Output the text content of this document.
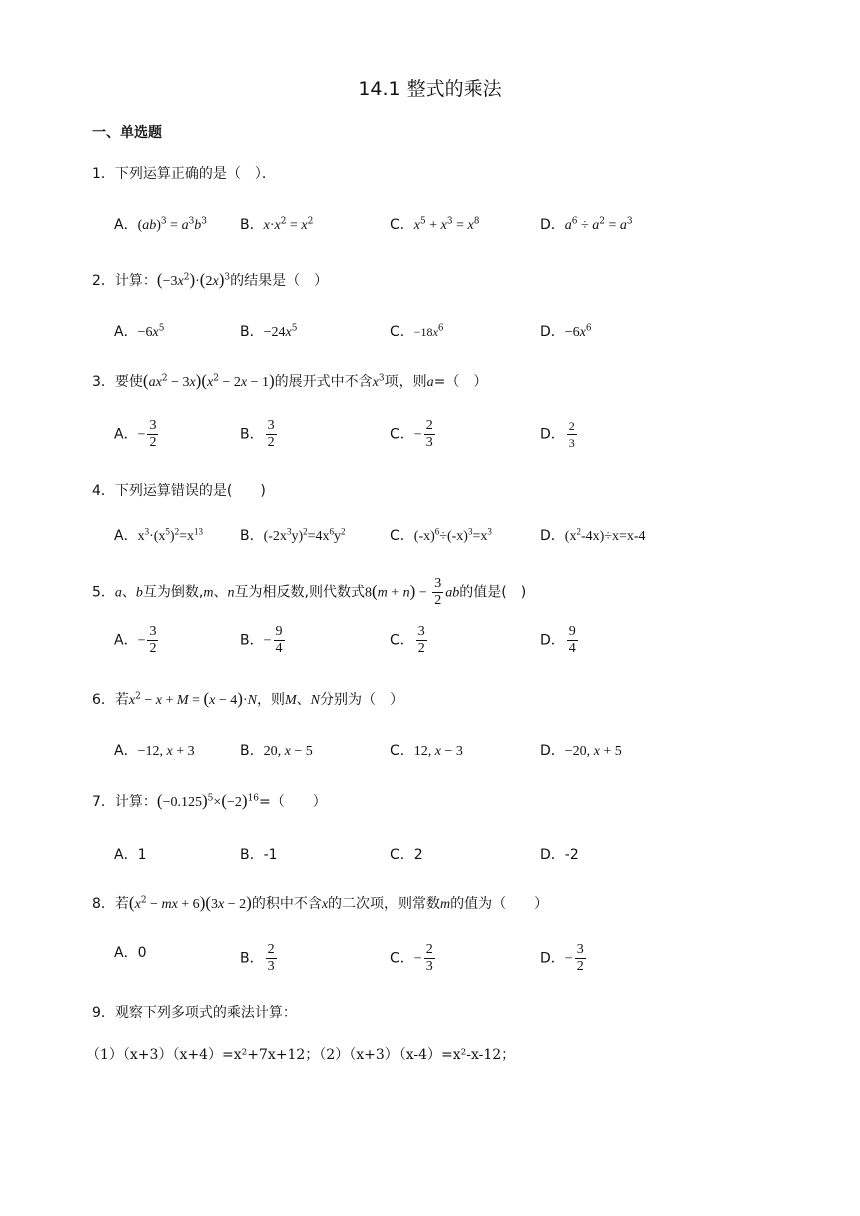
14.1 整式的乘法
一、单选题
1．下列运算正确的是（　）．
A．$(ab)^3 = a^3b^3$ B．$x\cdot x^2 = x^2$	C．$x^5 + x^3 = x^8$	D．$a^6 \div a^2 = a^3$
2．计算：$(-3x^2)\cdot(2x)^3$的结果是（　）
A．$-6x^5$	B．$-24x^5$	C．$-18x^6$	D．$-6x^6$
3．要使$(ax^2 - 3x)(x^2 - 2x - 1)$的展开式中不含$x^3$项，则a=（　）
A．− $\frac{3}{2}$	B． $\frac{3}{2}$	C．− $\frac{2}{3}$	D． $\frac{2}{3}$
4．下列运算错误的是(　　)
A．$x^3\cdot(x^5)^2=x^{13}$	B．$(-2x^3y)^2=4x^6y^2$	C．$(-x)^6\div(-x)^3=x^3$	D．$(x^2-4x)\div x=x-4$
5．a、b互为倒数,m、n互为相反数,则代数式$8(m + n) - \frac{3}{2}$ ab的值是(　)
A．− $\frac{3}{2}$	B．− $\frac{9}{4}$	C． $\frac{3}{2}$	D． $\frac{9}{4}$
6．若$x^2 - x + M = (x - 4)\cdot N$，则M、N分别为（　）
A．−12, x + 3	B．20, x − 5	C．12, x − 3	D．−20, x + 5
7．计算：$(-0.125)^5\times(-2)^{16}=$（　　）
A．1	B．-1	C．2	D．-2
8．若($x^2$ − mx + 6)(3x − 2)的积中不含x的二次项，则常数m的值为（　　）
A．0	B． $\frac{2}{3}$	C．− $\frac{2}{3}$	D．− $\frac{3}{2}$
9．观察下列多项式的乘法计算：
（1）（x+3）（x+4）=x²+7x+12；（2）（x+3）（x-4）=x²-x-12；
